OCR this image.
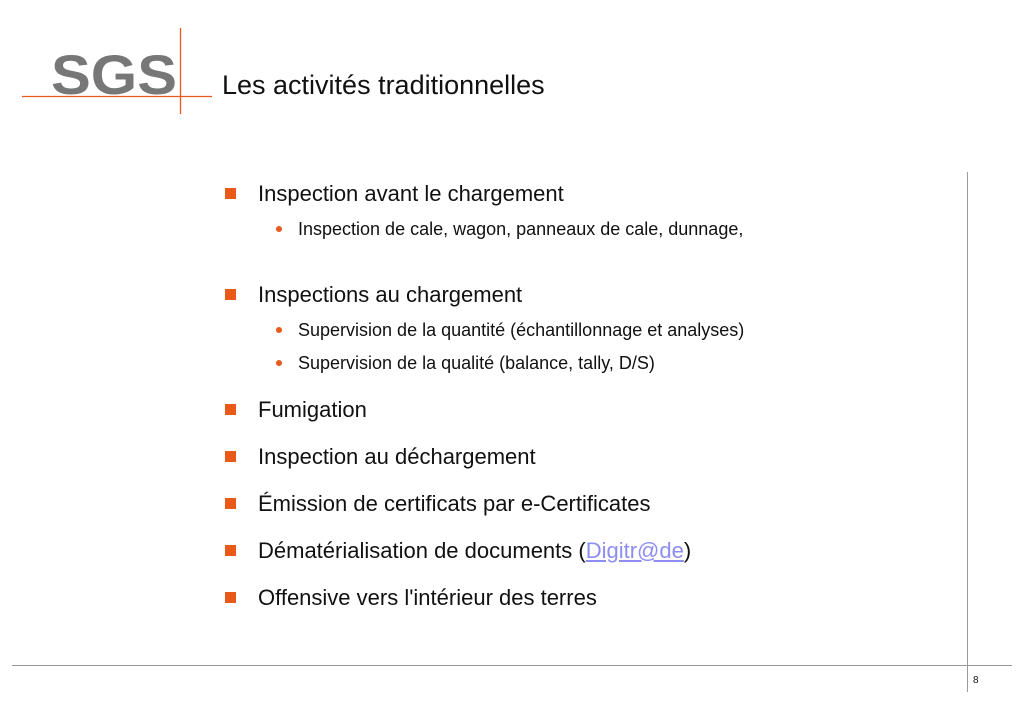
SGS Les activités traditionnelles
8
Inspection avant le chargement
Inspection de cale, wagon, panneaux de cale, dunnage,
Inspections au chargement
Supervision de la quantité (échantillonnage et analyses)
Supervision de la qualité (balance, tally, D/S)
Fumigation
Inspection au déchargement
Émission de certificats par e-Certificates
Dématérialisation de documents (Digitr@de)
Offensive vers l'intérieur des terres
